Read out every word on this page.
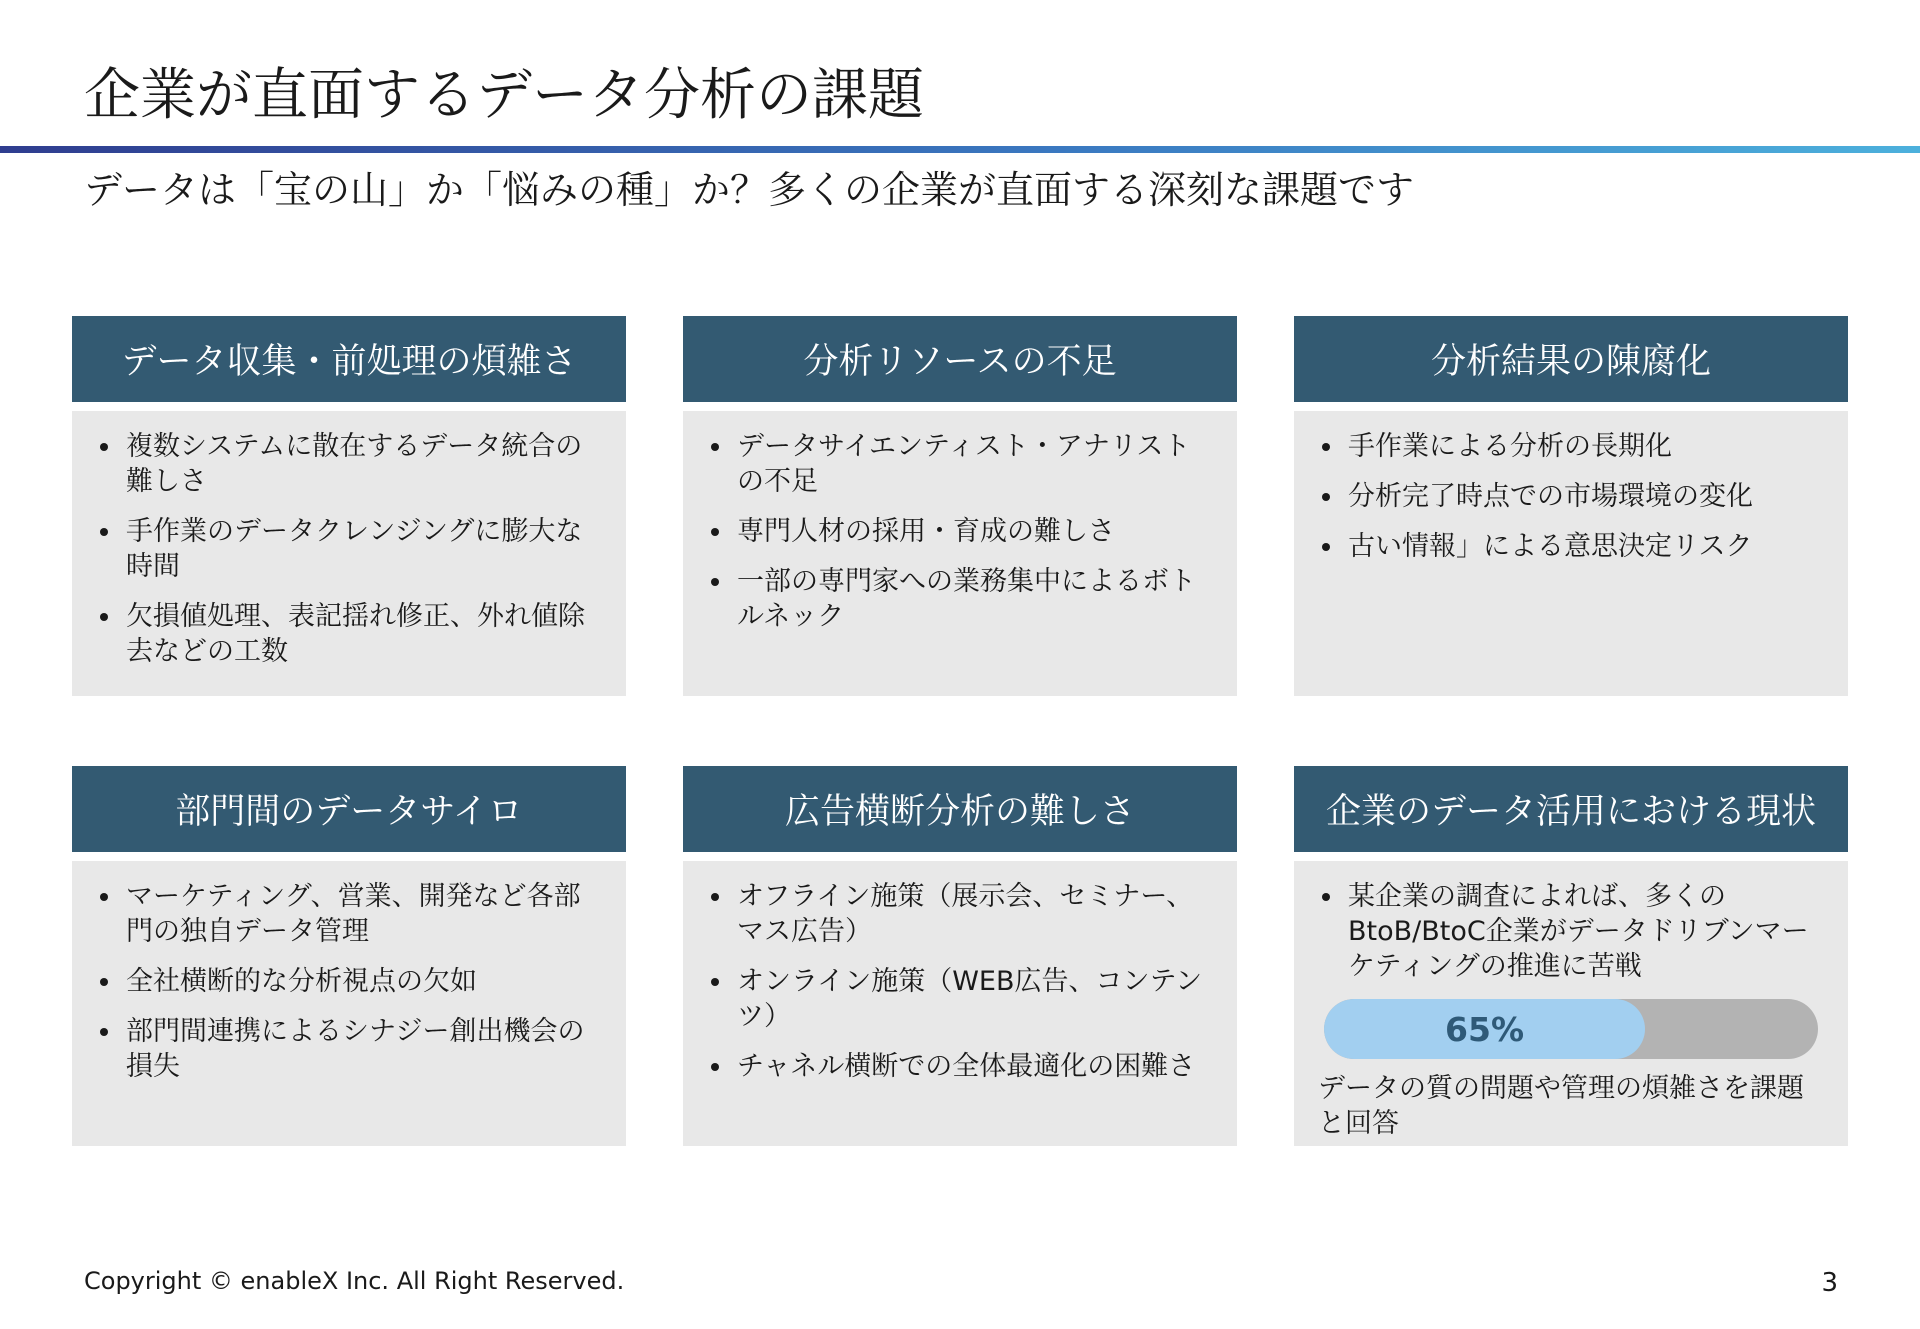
企業が直面するデータ分析の課題

データは「宝の山」か「悩みの種」か？多くの企業が直面する深刻な課題です

データ収集・前処理の煩雑さ
複数システムに散在するデータ統合の難しさ
手作業のデータクレンジングに膨大な時間
欠損値処理、表記揺れ修正、外れ値除去などの工数
分析リソースの不足
データサイエンティスト・アナリストの不足
専門人材の採用・育成の難しさ
一部の専門家への業務集中によるボトルネック
分析結果の陳腐化
手作業による分析の長期化
分析完了時点での市場環境の変化
古い情報」による意思決定リスク
部門間のデータサイロ
マーケティング、営業、開発など各部門の独自データ管理
全社横断的な分析視点の欠如
部門間連携によるシナジー創出機会の損失
広告横断分析の難しさ
オフライン施策（展示会、セミナー、マス広告）
オンライン施策（WEB広告、コンテンツ）
チャネル横断での全体最適化の困難さ
企業のデータ活用における現状
某企業の調査によれば、多くのBtoB/BtoC企業がデータドリブンマーケティングの推進に苦戦
65%
データの質の問題や管理の煩雑さを課題と回答
Copyright © enableX Inc. All Right Reserved.	3
